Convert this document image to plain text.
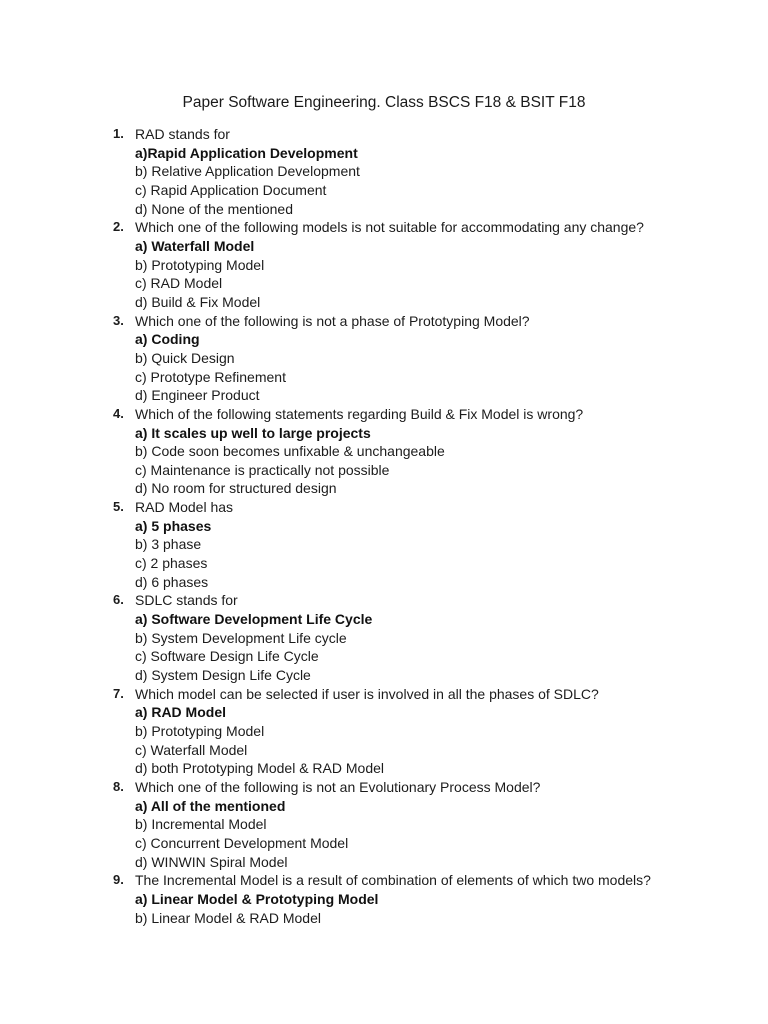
Paper Software Engineering. Class BSCS F18 & BSIT F18
1. RAD stands for
a)Rapid Application Development
b) Relative Application Development
c) Rapid Application Document
d) None of the mentioned
2. Which one of the following models is not suitable for accommodating any change?
a) Waterfall Model
b) Prototyping Model
c) RAD Model
d) Build & Fix Model
3. Which one of the following is not a phase of Prototyping Model?
a) Coding
b) Quick Design
c) Prototype Refinement
d) Engineer Product
4. Which of the following statements regarding Build & Fix Model is wrong?
a) It scales up well to large projects
b) Code soon becomes unfixable & unchangeable
c) Maintenance is practically not possible
d) No room for structured design
5. RAD Model has
a) 5 phases
b) 3 phase
c) 2 phases
d) 6 phases
6. SDLC stands for
a) Software Development Life Cycle
b) System Development Life cycle
c) Software Design Life Cycle
d) System Design Life Cycle
7. Which model can be selected if user is involved in all the phases of SDLC?
a) RAD Model
b) Prototyping Model
c) Waterfall Model
d) both Prototyping Model & RAD Model
8. Which one of the following is not an Evolutionary Process Model?
a) All of the mentioned
b) Incremental Model
c) Concurrent Development Model
d) WINWIN Spiral Model
9. The Incremental Model is a result of combination of elements of which two models?
a) Linear Model & Prototyping Model
b) Linear Model & RAD Model
